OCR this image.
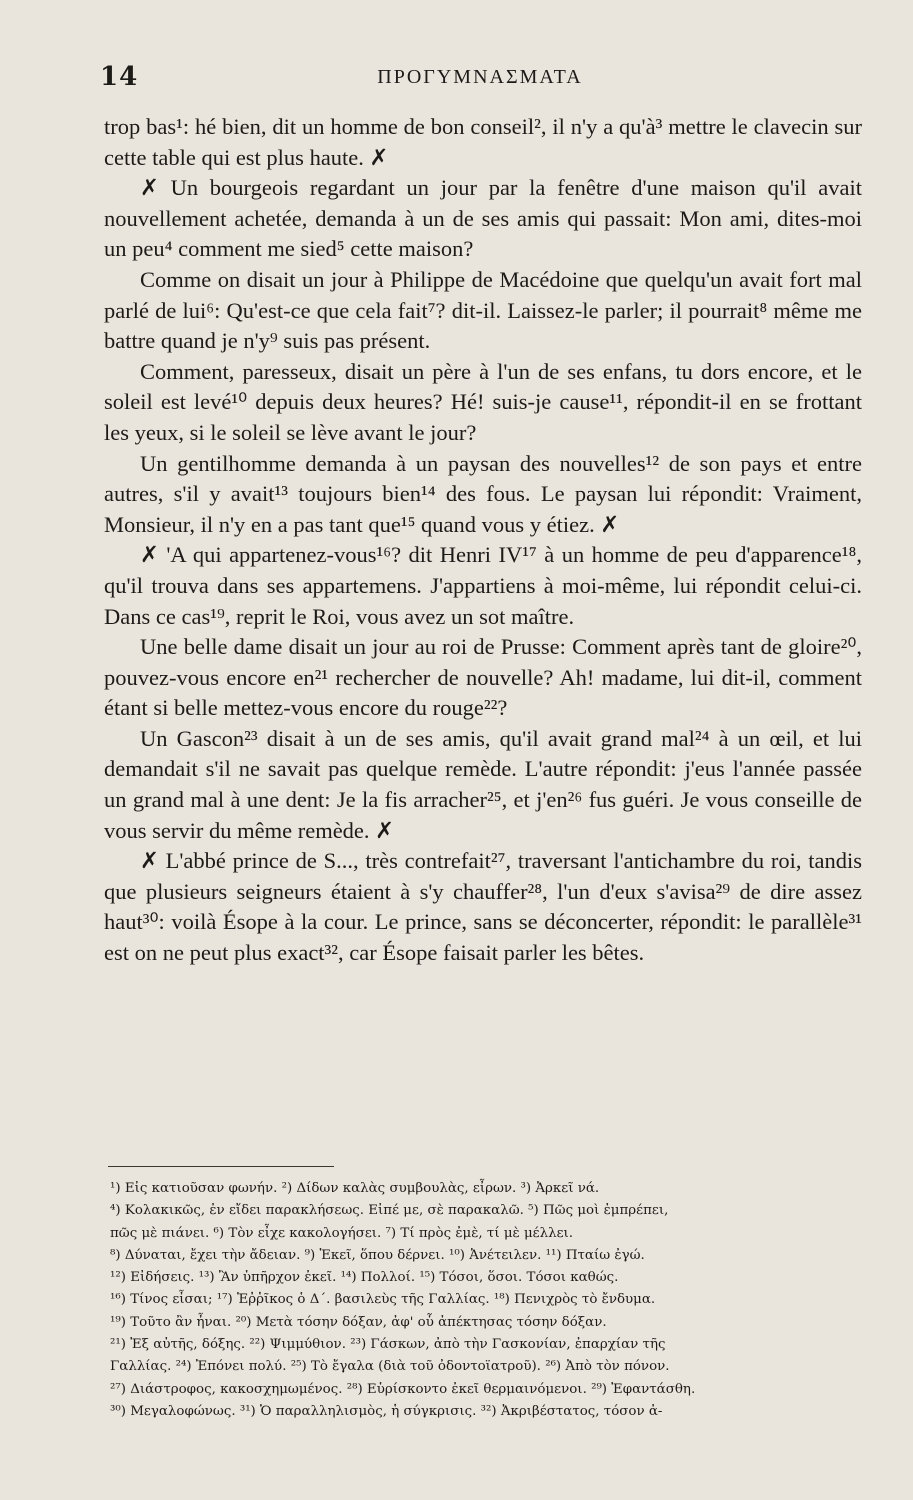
14	ΠΡΟΓΥΜΝΑΣΜΑΤΑ

trop bas¹: hé bien, dit un homme de bon conseil², il n'y a qu'à³ mettre le clavecin sur cette table qui est plus haute. ✗

✗ Un bourgeois regardant un jour par la fenêtre d'une maison qu'il avait nouvellement achetée, demanda à un de ses amis qui passait: Mon ami, dites-moi un peu⁴ comment me sied⁵ cette maison?

Comme on disait un jour à Philippe de Macédoine que quelqu'un avait fort mal parlé de lui⁶: Qu'est-ce que cela fait⁷? dit-il. Laissez-le parler; il pourrait⁸ même me battre quand je n'y⁹ suis pas présent.

Comment, paresseux, disait un père à l'un de ses enfans, tu dors encore, et le soleil est levé¹⁰ depuis deux heures? Hé! suis-je cause¹¹, répondit-il en se frottant les yeux, si le soleil se lève avant le jour?

Un gentilhomme demanda à un paysan des nouvelles¹² de son pays et entre autres, s'il y avait¹³ toujours bien¹⁴ des fous. Le paysan lui répondit: Vraiment, Monsieur, il n'y en a pas tant que¹⁵ quand vous y étiez. ✗

✗ 'A qui appartenez-vous¹⁶? dit Henri IV¹⁷ à un homme de peu d'apparence¹⁸, qu'il trouva dans ses appartemens. J'appartiens à moi-même, lui répondit celui-ci. Dans ce cas¹⁹, reprit le Roi, vous avez un sot maître.

Une belle dame disait un jour au roi de Prusse: Comment après tant de gloire²⁰, pouvez-vous encore en²¹ rechercher de nouvelle? Ah! madame, lui dit-il, comment étant si belle mettez-vous encore du rouge²²?

Un Gascon²³ disait à un de ses amis, qu'il avait grand mal²⁴ à un œil, et lui demandait s'il ne savait pas quelque remède. L'autre répondit: j'eus l'année passée un grand mal à une dent: Je la fis arracher²⁵, et j'en²⁶ fus guéri. Je vous conseille de vous servir du même remède. ✗

✗ L'abbé prince de S..., très contrefait²⁷, traversant l'antichambre du roi, tandis que plusieurs seigneurs étaient à s'y chauffer²⁸, l'un d'eux s'avisa²⁹ de dire assez haut³⁰: voilà Ésope à la cour. Le prince, sans se déconcerter, répondit: le parallèle³¹ est on ne peut plus exact³², car Ésope faisait parler les bêtes.

¹) Εἰς κατιοῦσαν φωνήν. ²) Δίδων καλὰς συμβουλὰς, εἶρων. ³) Ἀρκεῖ νά.
⁴) Κολακικῶς, ἐν εἴδει παρακλήσεως. Εἰπέ με, σὲ παρακαλῶ. ⁵) Πῶς μοὶ ἐμπρέπει,
πῶς μὲ πιάνει. ⁶) Τὸν εἶχε κακολογήσει. ⁷) Τί πρὸς ἐμὲ, τί μὲ μέλλει.
⁸) Δύναται, ἔχει τὴν ἄδειαν. ⁹) Ἐκεῖ, ὅπου δέρνει. ¹⁰) Ἀνέτειλεν. ¹¹) Πταίω ἐγώ.
¹²) Εἰδήσεις. ¹³) Ἂν ὑπῆρχον ἐκεῖ. ¹⁴) Πολλοί. ¹⁵) Τόσοι, ὅσοι. Τόσοι καθώς.
¹⁶) Τίνος εἶσαι; ¹⁷) Ἑῤῥῖκος ὁ Δ΄. βασιλεὺς τῆς Γαλλίας. ¹⁸) Πενιχρὸς τὸ ἔνδυμα.
¹⁹) Τοῦτο ἂν ἦναι. ²⁰) Μετὰ τόσην δόξαν, ἀφ' οὗ ἀπέκτησας τόσην δόξαν.
²¹) Ἐξ αὐτῆς, δόξης. ²²) Ψιμμύθιον. ²³) Γάσκων, ἀπὸ τὴν Γασκονίαν, ἐπαρχίαν τῆς
Γαλλίας. ²⁴) Ἐπόνει πολύ. ²⁵) Τὸ ἔγαλα (διὰ τοῦ ὀδοντοϊατροῦ). ²⁶) Ἀπὸ τὸν πόνον.
²⁷) Διάστροφος, κακοσχημωμένος. ²⁸) Εὑρίσκοντο ἐκεῖ θερμαινόμενοι. ²⁹) Ἐφαντάσθη.
³⁰) Μεγαλοφώνως. ³¹) Ὁ παραλληλισμὸς, ἡ σύγκρισις. ³²) Ἀκριβέστατος, τόσον ἀ-
